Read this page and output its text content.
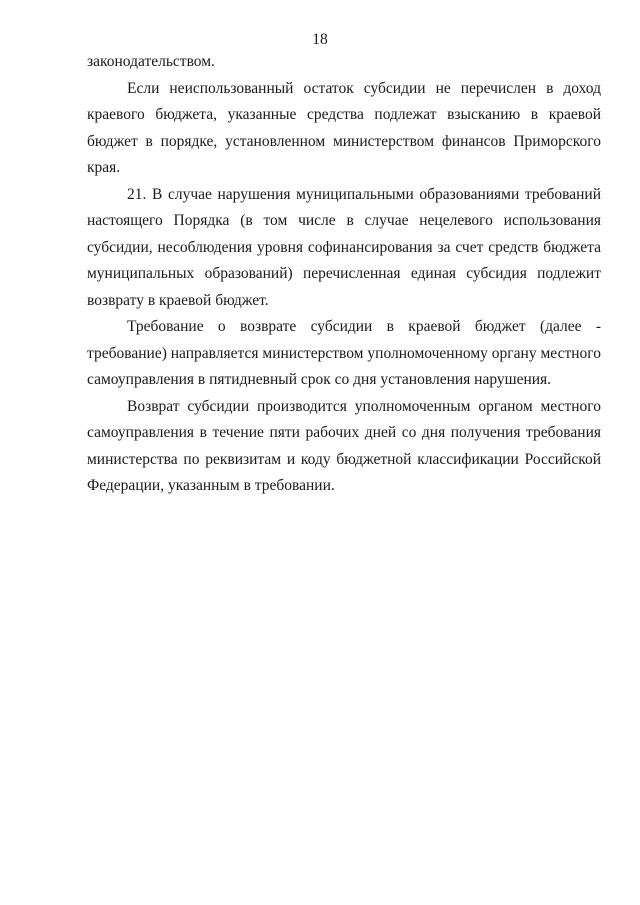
18

законодательством.

Если неиспользованный остаток субсидии не перечислен в доход краевого бюджета, указанные средства подлежат взысканию в краевой бюджет в порядке, установленном министерством финансов Приморского края.

21. В случае нарушения муниципальными образованиями требований настоящего Порядка (в том числе в случае нецелевого использования субсидии, несоблюдения уровня софинансирования за счет средств бюджета муниципальных образований) перечисленная единая субсидия подлежит возврату в краевой бюджет.

Требование о возврате субсидии в краевой бюджет (далее - требование) направляется министерством уполномоченному органу местного самоуправления в пятидневный срок со дня установления нарушения.

Возврат субсидии производится уполномоченным органом местного самоуправления в течение пяти рабочих дней со дня получения требования министерства по реквизитам и коду бюджетной классификации Российской Федерации, указанным в требовании.
